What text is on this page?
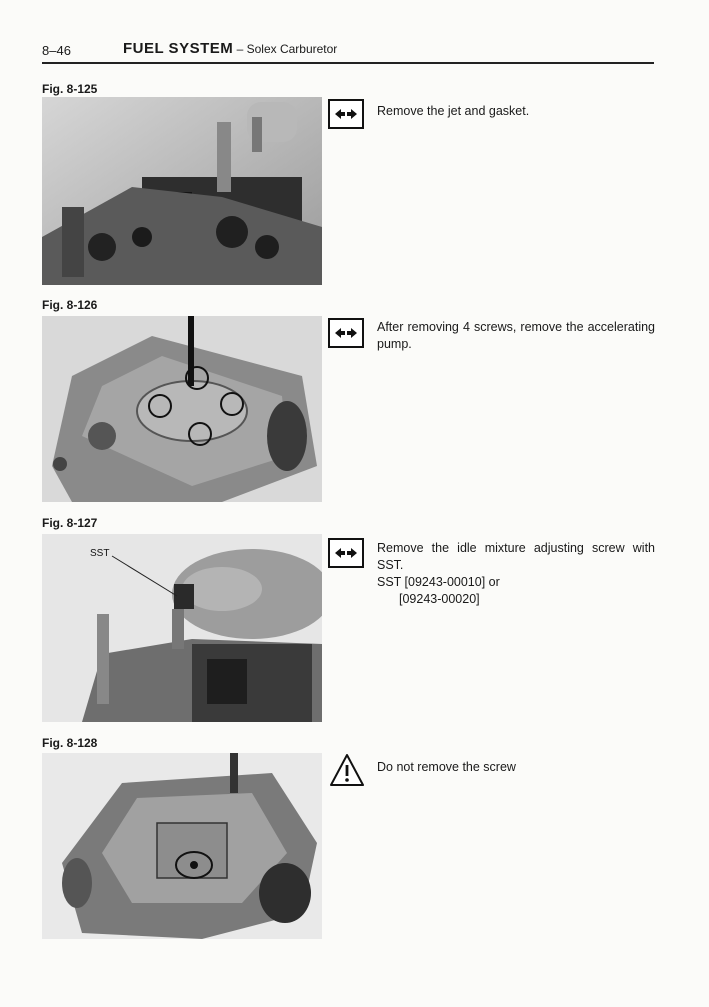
8–46	FUEL SYSTEM – Solex Carburetor
Fig. 8-125
Remove the jet and gasket.
Fig. 8-126
After removing 4 screws, remove the accelerating pump.
Fig. 8-127
SST	Remove the idle mixture adjusting screw with SST.

SST [09243-00010] or

[09243-00020]

Fig. 8-128
Do not remove the screw
